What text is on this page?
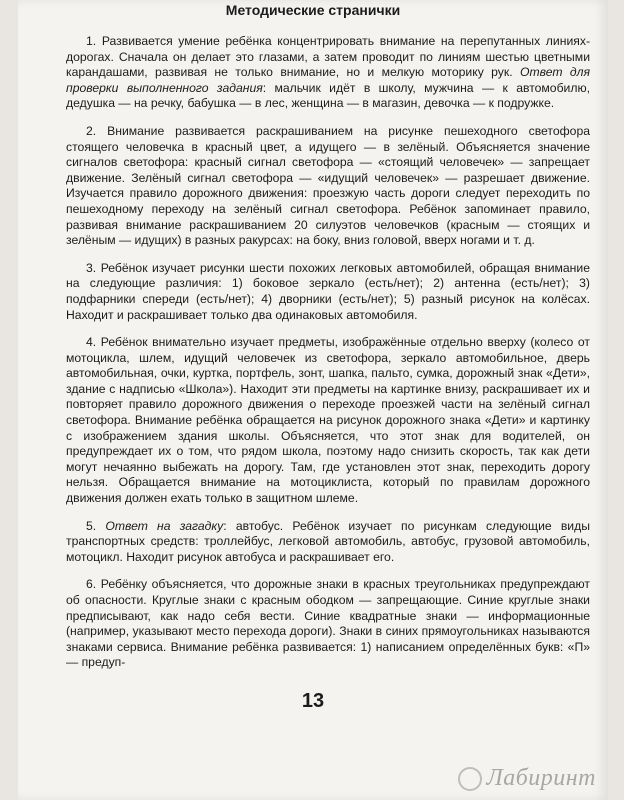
Методические странички

1. Развивается умение ребёнка концентрировать внимание на перепутанных линиях-дорогах. Сначала он делает это глазами, а затем проводит по линиям шестью цветными карандашами, развивая не только внимание, но и мелкую моторику рук. Ответ для проверки выполненного задания: мальчик идёт в школу, мужчина — к автомобилю, дедушка — на речку, бабушка — в лес, женщина — в магазин, девочка — к подружке.

2. Внимание развивается раскрашиванием на рисунке пешеходного светофора стоящего человечка в красный цвет, а идущего — в зелёный. Объясняется значение сигналов светофора: красный сигнал светофора — «стоящий человечек» — запрещает движение. Зелёный сигнал светофора — «идущий человечек» — разрешает движение. Изучается правило дорожного движения: проезжую часть дороги следует переходить по пешеходному переходу на зелёный сигнал светофора. Ребёнок запоминает правило, развивая внимание раскрашиванием 20 силуэтов человечков (красным — стоящих и зелёным — идущих) в разных ракурсах: на боку, вниз головой, вверх ногами и т. д.

3. Ребёнок изучает рисунки шести похожих легковых автомобилей, обращая внимание на следующие различия: 1) боковое зеркало (есть/нет); 2) антенна (есть/нет); 3) подфарники спереди (есть/нет); 4) дворники (есть/нет); 5) разный рисунок на колёсах. Находит и раскрашивает только два одинаковых автомобиля.

4. Ребёнок внимательно изучает предметы, изображённые отдельно вверху (колесо от мотоцикла, шлем, идущий человечек из светофора, зеркало автомобильное, дверь автомобильная, очки, куртка, портфель, зонт, шапка, пальто, сумка, дорожный знак «Дети», здание с надписью «Школа»). Находит эти предметы на картинке внизу, раскрашивает их и повторяет правило дорожного движения о переходе проезжей части на зелёный сигнал светофора. Внимание ребёнка обращается на рисунок дорожного знака «Дети» и картинку с изображением здания школы. Объясняется, что этот знак для водителей, он предупреждает их о том, что рядом школа, поэтому надо снизить скорость, так как дети могут нечаянно выбежать на дорогу. Там, где установлен этот знак, переходить дорогу нельзя. Обращается внимание на мотоциклиста, который по правилам дорожного движения должен ехать только в защитном шлеме.

5. Ответ на загадку: автобус. Ребёнок изучает по рисункам следующие виды транспортных средств: троллейбус, легковой автомобиль, автобус, грузовой автомобиль, мотоцикл. Находит рисунок автобуса и раскрашивает его.

6. Ребёнку объясняется, что дорожные знаки в красных треугольниках предупреждают об опасности. Круглые знаки с красным ободком — запрещающие. Синие круглые знаки предписывают, как надо себя вести. Синие квадратные знаки — информационные (например, указывают место перехода дороги). Знаки в синих прямоугольниках называются знаками сервиса. Внимание ребёнка развивается: 1) написанием определённых букв: «П» — предуп-

13
Лабиринт
